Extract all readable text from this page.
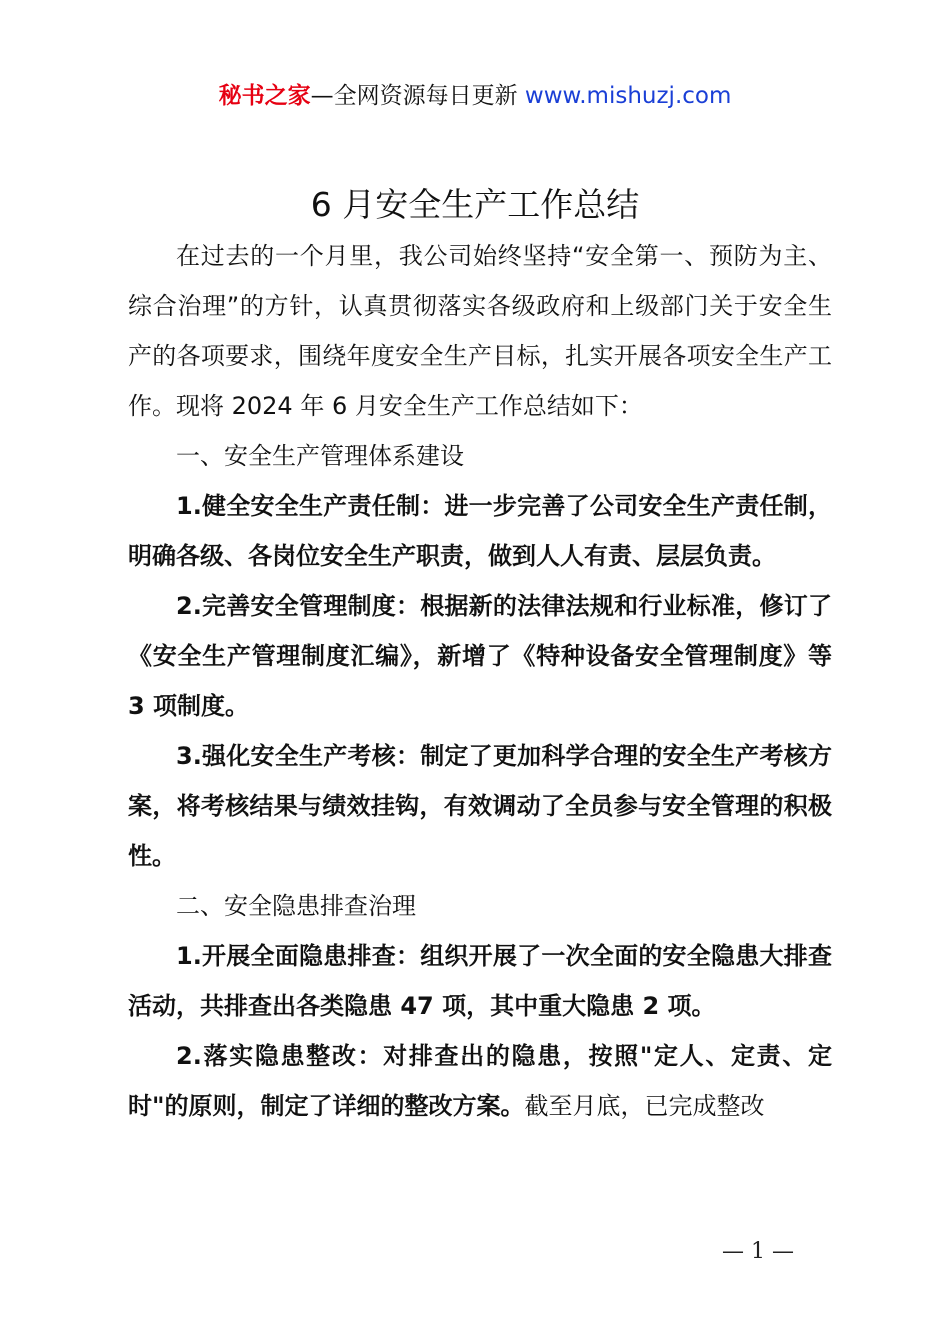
秘书之家—全网资源每日更新 www.mishuzj.com
6 月安全生产工作总结

在过去的一个月里，我公司始终坚持“安全第一、预防为主、综合治理”的方针，认真贯彻落实各级政府和上级部门关于安全生产的各项要求，围绕年度安全生产目标，扎实开展各项安全生产工作。现将 2024 年 6 月安全生产工作总结如下：

一、安全生产管理体系建设

1.健全安全生产责任制：进一步完善了公司安全生产责任制，明确各级、各岗位安全生产职责，做到人人有责、层层负责。

2.完善安全管理制度：根据新的法律法规和行业标准，修订了《安全生产管理制度汇编》，新增了《特种设备安全管理制度》等 3 项制度。

3.强化安全生产考核：制定了更加科学合理的安全生产考核方案，将考核结果与绩效挂钩，有效调动了全员参与安全管理的积极性。

二、安全隐患排查治理

1.开展全面隐患排查：组织开展了一次全面的安全隐患大排查活动，共排查出各类隐患 47 项，其中重大隐患 2 项。

2.落实隐患整改：对排查出的隐患，按照"定人、定责、定时"的原则，制定了详细的整改方案。截至月底，已完成整改

— 1 —
